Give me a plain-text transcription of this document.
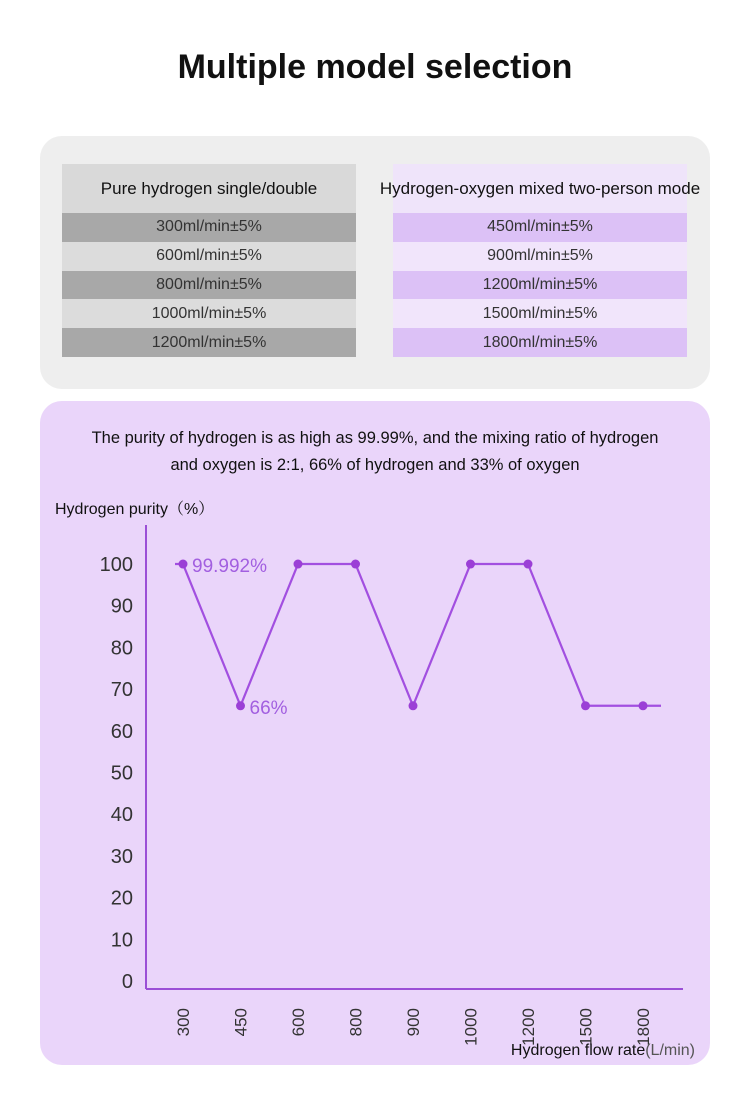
Multiple model selection
Pure hydrogen single/double
300ml/min±5%
600ml/min±5%
800ml/min±5%
1000ml/min±5%
1200ml/min±5%
Hydrogen-oxygen mixed two-person mode
450ml/min±5%
900ml/min±5%
1200ml/min±5%
1500ml/min±5%
1800ml/min±5%
The purity of hydrogen is as high as 99.99%, and the mixing ratio of hydrogen
and oxygen is 2:1, 66% of hydrogen and 33% of oxygen
Hydrogen purity（%）
0
10
20
30
40
50
60
70
80
90
100
300 450 600 800 900 1000 1200 1500 1800
Hydrogen flow rate(L/min)
99.992%
66%
